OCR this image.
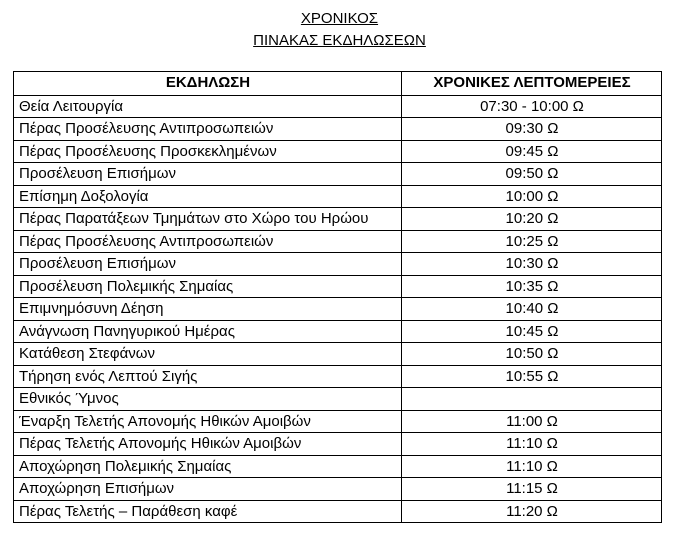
ΧΡΟΝΙΚΟΣ
ΠΙΝΑΚΑΣ ΕΚΔΗΛΩΣΕΩΝ
ΕΚΔΗΛΩΣΗ	ΧΡΟΝΙΚΕΣ ΛΕΠΤΟΜΕΡΕΙΕΣ
Θεία Λειτουργία	07:30 - 10:00 Ω
Πέρας Προσέλευσης Αντιπροσωπειών	09:30 Ω
Πέρας Προσέλευσης Προσκεκλημένων	09:45 Ω
Προσέλευση Επισήμων	09:50 Ω
Επίσημη Δοξολογία	10:00 Ω
Πέρας Παρατάξεων Τμημάτων στο Χώρο του Ηρώου	10:20 Ω
Πέρας Προσέλευσης Αντιπροσωπειών	10:25 Ω
Προσέλευση Επισήμων	10:30 Ω
Προσέλευση Πολεμικής Σημαίας	10:35 Ω
Επιμνημόσυνη Δέηση	10:40 Ω
Ανάγνωση Πανηγυρικού Ημέρας	10:45 Ω
Κατάθεση Στεφάνων	10:50 Ω
Τήρηση ενός Λεπτού Σιγής	10:55 Ω
Εθνικός Ύμνος	
Έναρξη Τελετής Απονομής Ηθικών Αμοιβών	11:00 Ω
Πέρας Τελετής Απονομής Ηθικών Αμοιβών	11:10 Ω
Αποχώρηση Πολεμικής Σημαίας	11:10 Ω
Αποχώρηση Επισήμων	11:15 Ω
Πέρας Τελετής – Παράθεση καφέ	11:20 Ω
